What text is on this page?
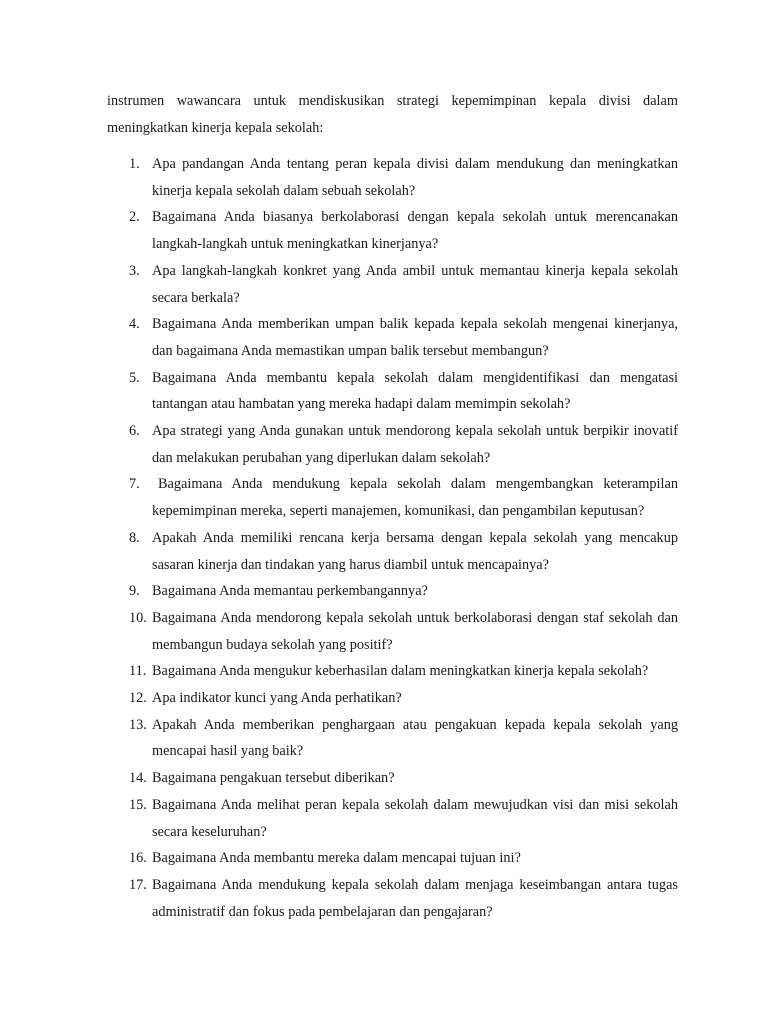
instrumen wawancara untuk mendiskusikan strategi kepemimpinan kepala divisi dalam meningkatkan kinerja kepala sekolah:

1. Apa pandangan Anda tentang peran kepala divisi dalam mendukung dan meningkatkan kinerja kepala sekolah dalam sebuah sekolah?
2. Bagaimana Anda biasanya berkolaborasi dengan kepala sekolah untuk merencanakan langkah-langkah untuk meningkatkan kinerjanya?
3. Apa langkah-langkah konkret yang Anda ambil untuk memantau kinerja kepala sekolah secara berkala?
4. Bagaimana Anda memberikan umpan balik kepada kepala sekolah mengenai kinerjanya, dan bagaimana Anda memastikan umpan balik tersebut membangun?
5. Bagaimana Anda membantu kepala sekolah dalam mengidentifikasi dan mengatasi tantangan atau hambatan yang mereka hadapi dalam memimpin sekolah?
6. Apa strategi yang Anda gunakan untuk mendorong kepala sekolah untuk berpikir inovatif dan melakukan perubahan yang diperlukan dalam sekolah?
7. Bagaimana Anda mendukung kepala sekolah dalam mengembangkan keterampilan kepemimpinan mereka, seperti manajemen, komunikasi, dan pengambilan keputusan?
8. Apakah Anda memiliki rencana kerja bersama dengan kepala sekolah yang mencakup sasaran kinerja dan tindakan yang harus diambil untuk mencapainya?
9. Bagaimana Anda memantau perkembangannya?
10. Bagaimana Anda mendorong kepala sekolah untuk berkolaborasi dengan staf sekolah dan membangun budaya sekolah yang positif?
11. Bagaimana Anda mengukur keberhasilan dalam meningkatkan kinerja kepala sekolah?
12. Apa indikator kunci yang Anda perhatikan?
13. Apakah Anda memberikan penghargaan atau pengakuan kepada kepala sekolah yang mencapai hasil yang baik?
14. Bagaimana pengakuan tersebut diberikan?
15. Bagaimana Anda melihat peran kepala sekolah dalam mewujudkan visi dan misi sekolah secara keseluruhan?
16. Bagaimana Anda membantu mereka dalam mencapai tujuan ini?
17. Bagaimana Anda mendukung kepala sekolah dalam menjaga keseimbangan antara tugas administratif dan fokus pada pembelajaran dan pengajaran?
